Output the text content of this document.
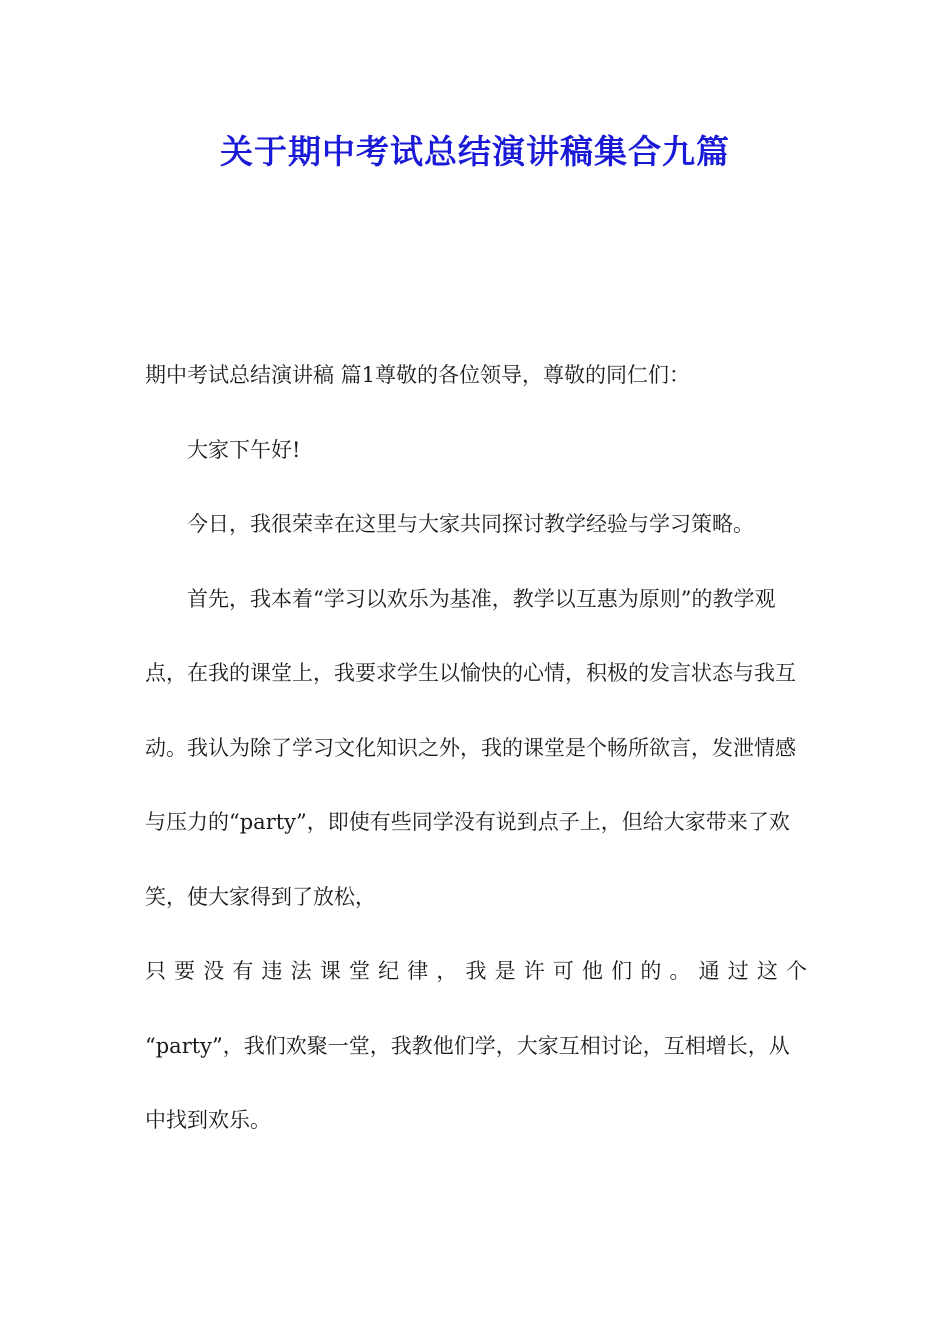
关于期中考试总结演讲稿集合九篇

期中考试总结演讲稿 篇1尊敬的各位领导，尊敬的同仁们：

大家下午好!

今日，我很荣幸在这里与大家共同探讨教学经验与学习策略。

首先，我本着“学习以欢乐为基准，教学以互惠为原则”的教学观点，在我的课堂上，我要求学生以愉快的心情，积极的发言状态与我互动。我认为除了学习文化知识之外，我的课堂是个畅所欲言，发泄情感与压力的“party”，即使有些同学没有说到点子上，但给大家带来了欢笑，使大家得到了放松，

只要没有违法课堂纪律，我是许可他们的。通过这个

“party”，我们欢聚一堂，我教他们学，大家互相讨论，互相增长，从中找到欢乐。
